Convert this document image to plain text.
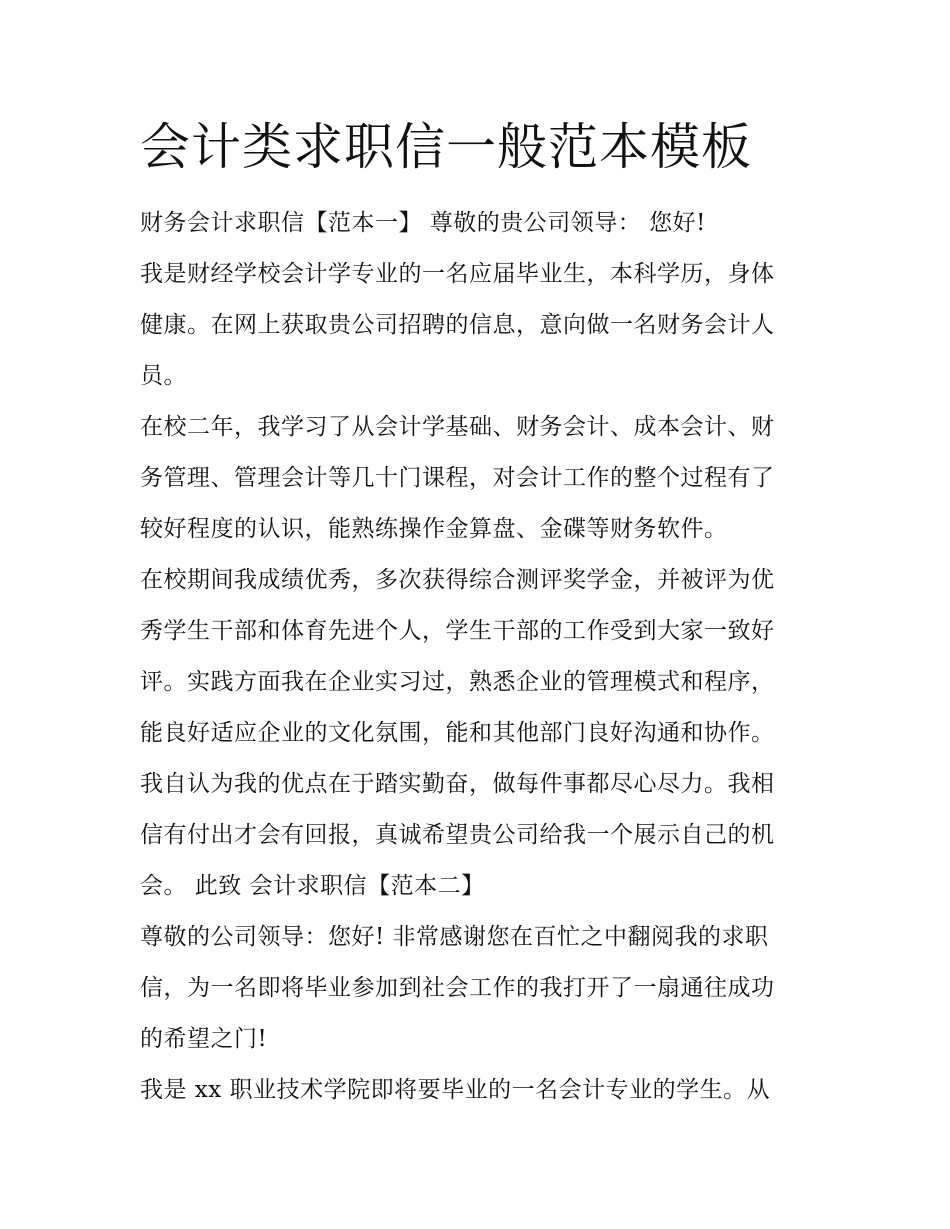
会计类求职信一般范本模板
财务会计求职信【范本一】 尊敬的贵公司领导： 您好!
我是财经学校会计学专业的一名应届毕业生，本科学历，身体
健康。在网上获取贵公司招聘的信息，意向做一名财务会计人
员。
在校二年，我学习了从会计学基础、财务会计、成本会计、财
务管理、管理会计等几十门课程，对会计工作的整个过程有了
较好程度的认识，能熟练操作金算盘、金碟等财务软件。
在校期间我成绩优秀，多次获得综合测评奖学金，并被评为优
秀学生干部和体育先进个人，学生干部的工作受到大家一致好
评。实践方面我在企业实习过，熟悉企业的管理模式和程序，
能良好适应企业的文化氛围，能和其他部门良好沟通和协作。
我自认为我的优点在于踏实勤奋，做每件事都尽心尽力。我相
信有付出才会有回报，真诚希望贵公司给我一个展示自己的机
会。 此致 会计求职信【范本二】
尊敬的公司领导：您好! 非常感谢您在百忙之中翻阅我的求职
信，为一名即将毕业参加到社会工作的我打开了一扇通往成功
的希望之门!
我是 xx 职业技术学院即将要毕业的一名会计专业的学生。从
